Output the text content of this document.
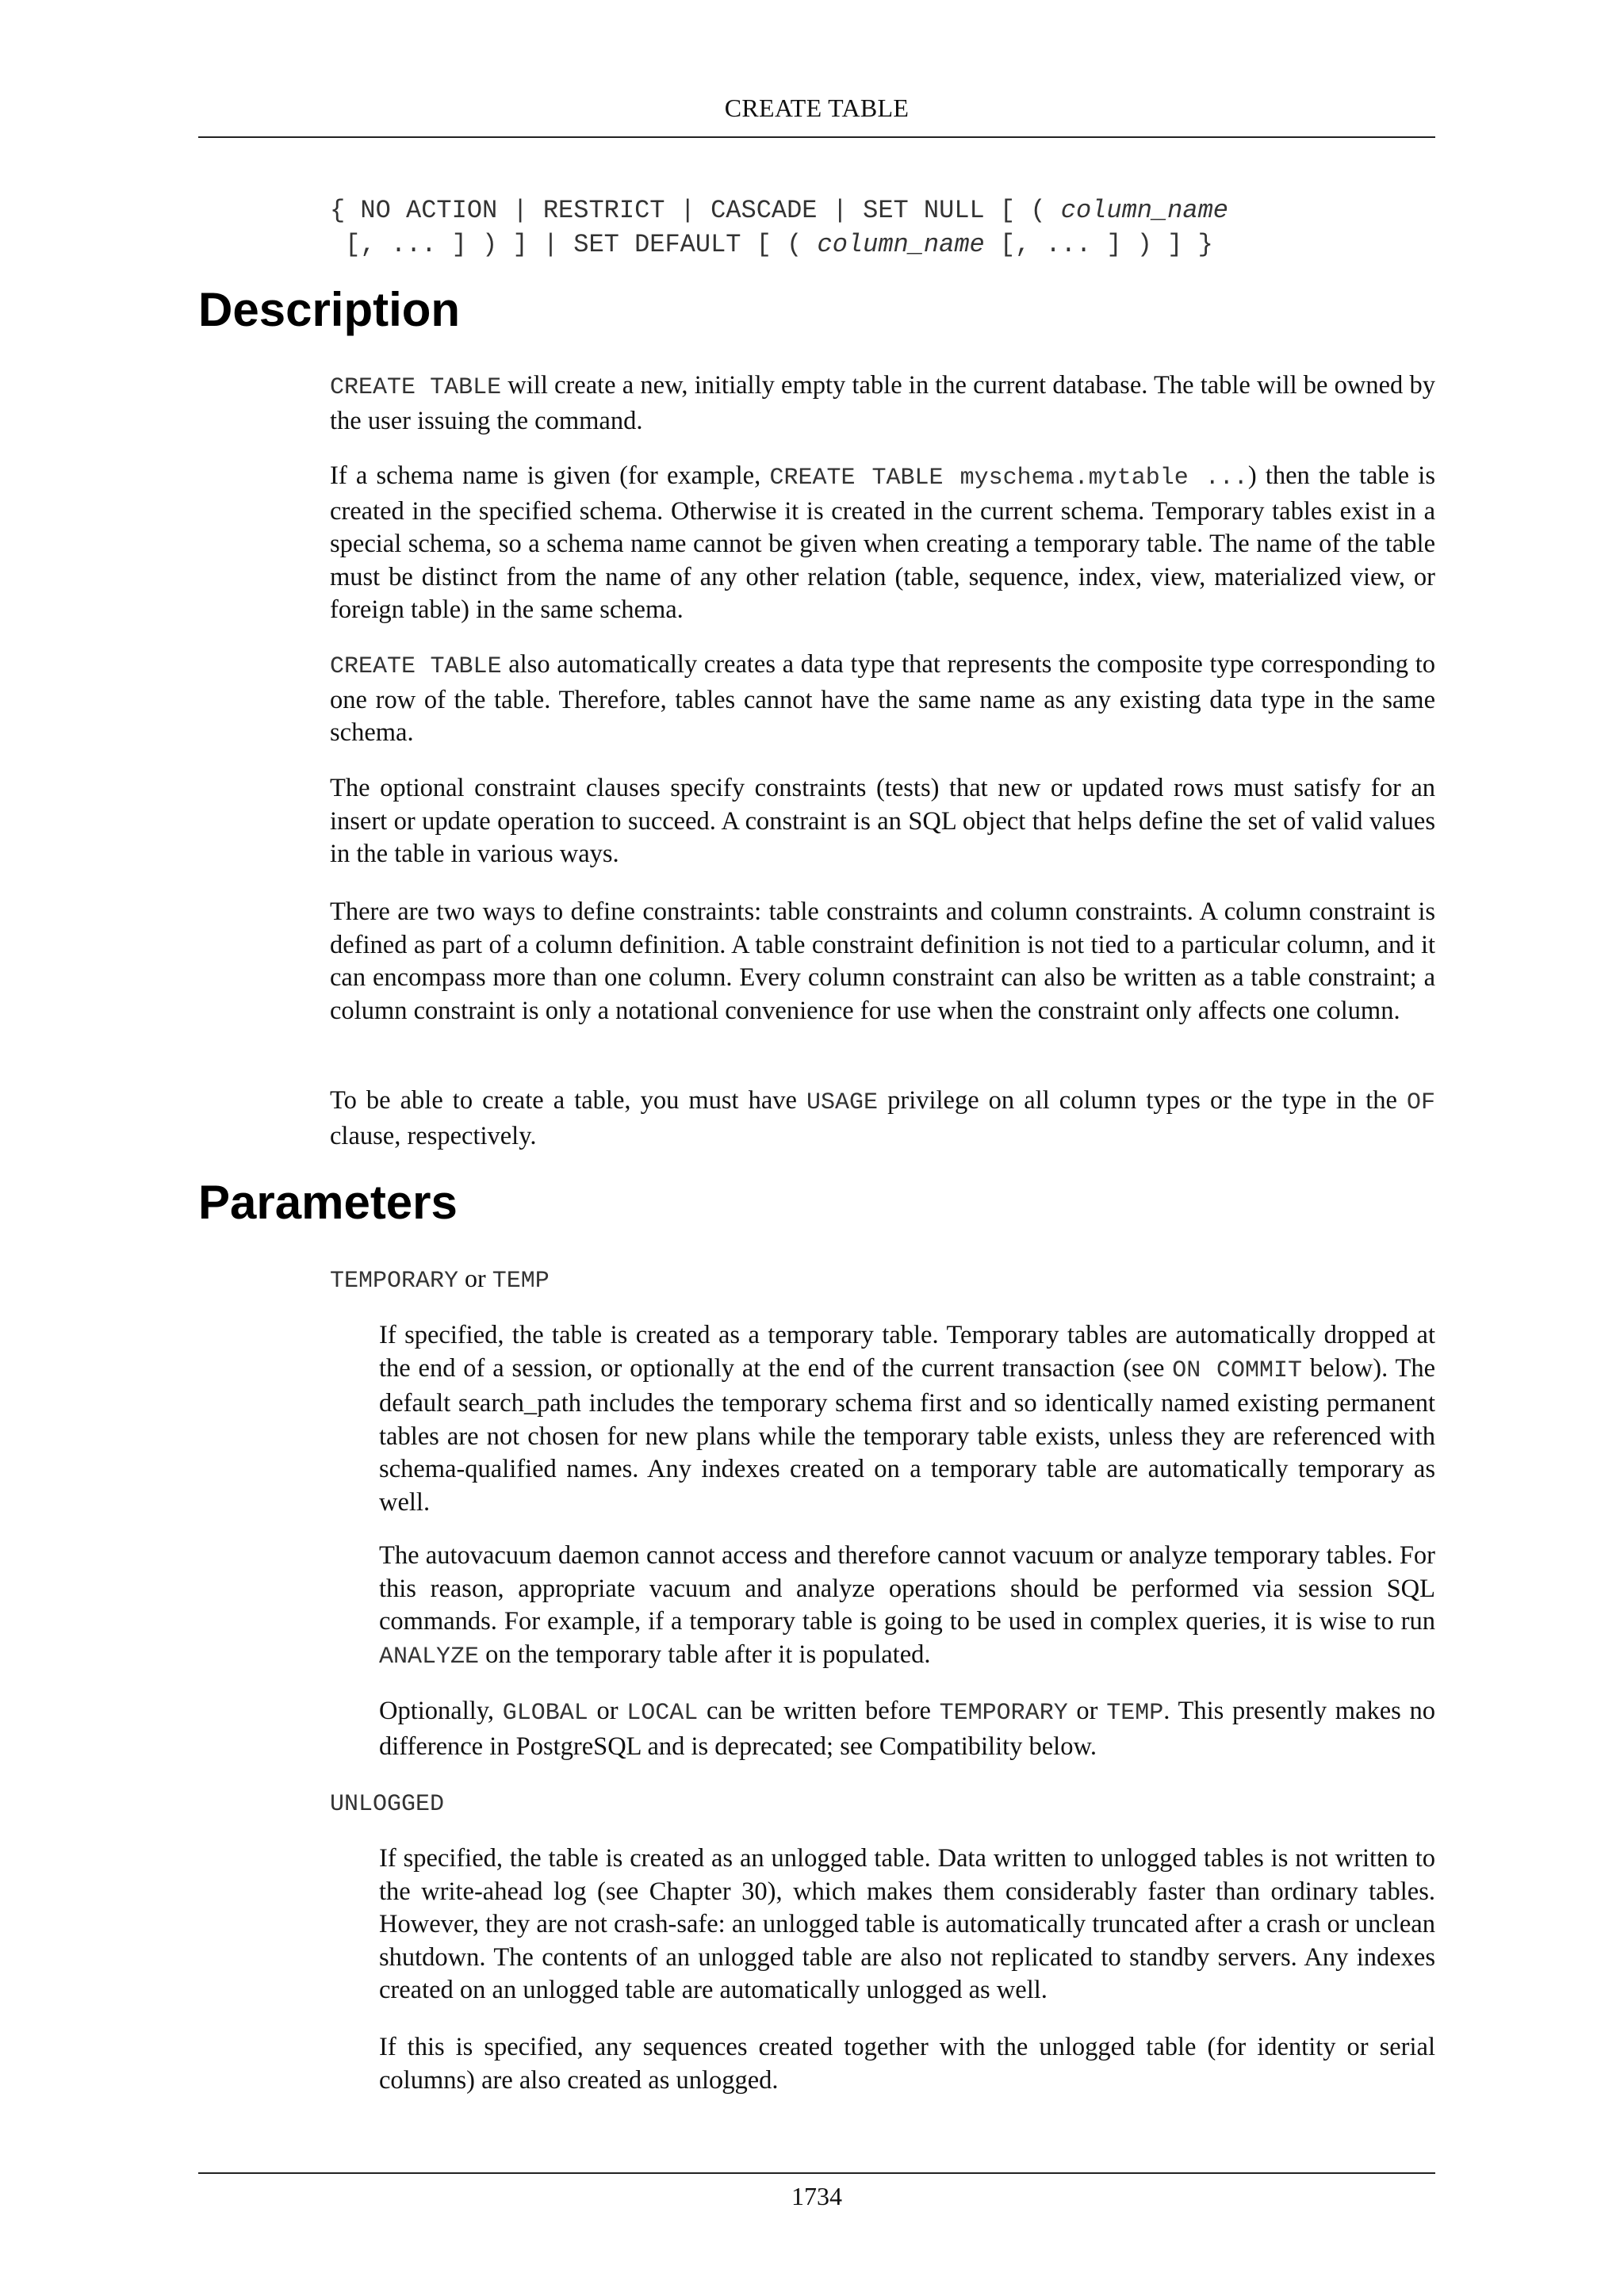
CREATE TABLE
{ NO ACTION | RESTRICT | CASCADE | SET NULL [ ( column_name
[, ... ] ) ] | SET DEFAULT [ ( column_name [, ... ] ) ] }
Description

CREATE TABLE will create a new, initially empty table in the current database. The table will be owned by the user issuing the command.

If a schema name is given (for example, CREATE TABLE myschema.mytable ...) then the table is created in the specified schema. Otherwise it is created in the current schema. Temporary tables exist in a special schema, so a schema name cannot be given when creating a temporary table. The name of the table must be distinct from the name of any other relation (table, sequence, index, view, materialized view, or foreign table) in the same schema.

CREATE TABLE also automatically creates a data type that represents the composite type corresponding to one row of the table. Therefore, tables cannot have the same name as any existing data type in the same schema.

The optional constraint clauses specify constraints (tests) that new or updated rows must satisfy for an insert or update operation to succeed. A constraint is an SQL object that helps define the set of valid values in the table in various ways.

There are two ways to define constraints: table constraints and column constraints. A column constraint is defined as part of a column definition. A table constraint definition is not tied to a particular column, and it can encompass more than one column. Every column constraint can also be written as a table constraint; a column constraint is only a notational convenience for use when the constraint only affects one column.

To be able to create a table, you must have USAGE privilege on all column types or the type in the OF clause, respectively.

Parameters
TEMPORARY or TEMP

If specified, the table is created as a temporary table. Temporary tables are automatically dropped at the end of a session, or optionally at the end of the current transaction (see ON COMMIT below). The default search_path includes the temporary schema first and so identically named existing permanent tables are not chosen for new plans while the temporary table exists, unless they are referenced with schema-qualified names. Any indexes created on a temporary table are automatically temporary as well.

The autovacuum daemon cannot access and therefore cannot vacuum or analyze temporary tables. For this reason, appropriate vacuum and analyze operations should be performed via session SQL commands. For example, if a temporary table is going to be used in complex queries, it is wise to run ANALYZE on the temporary table after it is populated.

Optionally, GLOBAL or LOCAL can be written before TEMPORARY or TEMP. This presently makes no difference in PostgreSQL and is deprecated; see Compatibility below.

UNLOGGED

If specified, the table is created as an unlogged table. Data written to unlogged tables is not written to the write-ahead log (see Chapter 30), which makes them considerably faster than ordinary tables. However, they are not crash-safe: an unlogged table is automatically truncated after a crash or unclean shutdown. The contents of an unlogged table are also not replicated to standby servers. Any indexes created on an unlogged table are automatically unlogged as well.

If this is specified, any sequences created together with the unlogged table (for identity or serial columns) are also created as unlogged.

1734
